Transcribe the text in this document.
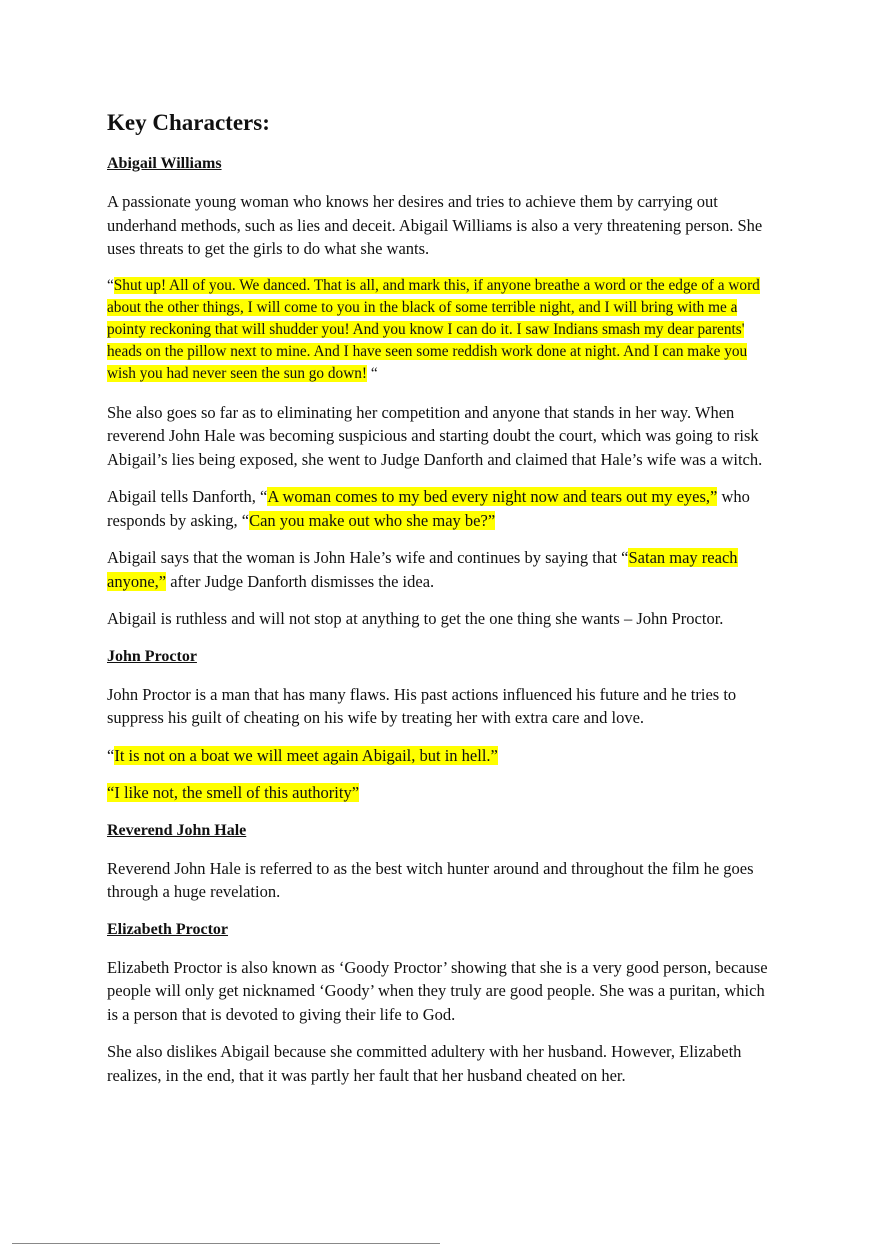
Key Characters:
Abigail Williams

A passionate young woman who knows her desires and tries to achieve them by carrying out underhand methods, such as lies and deceit. Abigail Williams is also a very threatening person. She uses threats to get the girls to do what she wants.

“Shut up! All of you. We danced. That is all, and mark this, if anyone breathe a word or the edge of a word about the other things, I will come to you in the black of some terrible night, and I will bring with me a pointy reckoning that will shudder you! And you know I can do it. I saw Indians smash my dear parents' heads on the pillow next to mine. And I have seen some reddish work done at night. And I can make you wish you had never seen the sun go down! “

She also goes so far as to eliminating her competition and anyone that stands in her way. When reverend John Hale was becoming suspicious and starting doubt the court, which was going to risk Abigail’s lies being exposed, she went to Judge Danforth and claimed that Hale’s wife was a witch.

Abigail tells Danforth, “A woman comes to my bed every night now and tears out my eyes,” who responds by asking, “Can you make out who she may be?”

Abigail says that the woman is John Hale’s wife and continues by saying that “Satan may reach anyone,” after Judge Danforth dismisses the idea.

Abigail is ruthless and will not stop at anything to get the one thing she wants – John Proctor.

John Proctor

John Proctor is a man that has many flaws. His past actions influenced his future and he tries to suppress his guilt of cheating on his wife by treating her with extra care and love.

“It is not on a boat we will meet again Abigail, but in hell.”

“I like not, the smell of this authority”

Reverend John Hale

Reverend John Hale is referred to as the best witch hunter around and throughout the film he goes through a huge revelation.

Elizabeth Proctor

Elizabeth Proctor is also known as ‘Goody Proctor’ showing that she is a very good person, because people will only get nicknamed ‘Goody’ when they truly are good people. She was a puritan, which is a person that is devoted to giving their life to God.

She also dislikes Abigail because she committed adultery with her husband. However, Elizabeth realizes, in the end, that it was partly her fault that her husband cheated on her.
